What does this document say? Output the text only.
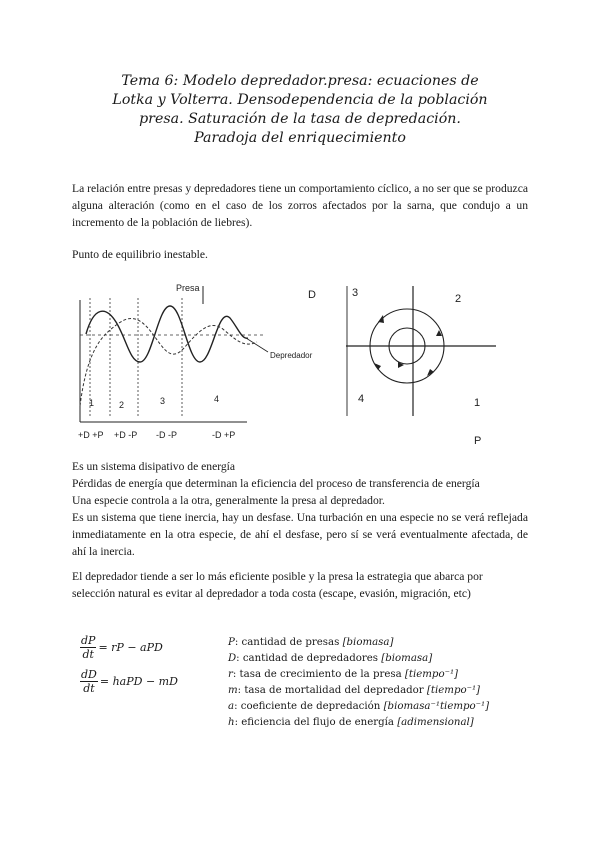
Tema 6: Modelo depredador.presa: ecuaciones de
Lotka y Volterra. Densodependencia de la población
presa. Saturación de la tasa de depredación.
Paradoja del enriquecimiento
La relación entre presas y depredadores tiene un comportamiento cíclico, a no ser que se produzca alguna alteración (como en el caso de los zorros afectados por la sarna, que condujo a un incremento de la población de liebres).
Punto de equilibrio inestable.
Presa
Depredador
1	2	3	4
+D +P +D -P -D -P	-D +P
D	3	2
4	1
P
Es un sistema disipativo de energía
Pérdidas de energía que determinan la eficiencia del proceso de transferencia de energía
Una especie controla a la otra, generalmente la presa al depredador.
Es un sistema que tiene inercia, hay un desfase. Una turbación en una especie no se verá reflejada inmediatamente en la otra especie, de ahí el desfase, pero sí se verá eventualmente afectada, de ahí la inercia.
El depredador tiende a ser lo más eficiente posible y la presa la estrategia que abarca por selección natural es evitar al depredador a toda costa (escape, evasión, migración, etc)
$\frac{dP}{dt}$ = rP − aPD
$\frac{dD}{dt}$ = haPD − mD
P: cantidad de presas [biomasa]
D: cantidad de depredadores [biomasa]
r: tasa de crecimiento de la presa [tiempo⁻¹]
m: tasa de mortalidad del depredador [tiempo⁻¹]
a: coeficiente de depredación [biomasa⁻¹tiempo⁻¹]
h: eficiencia del flujo de energía [adimensional]
